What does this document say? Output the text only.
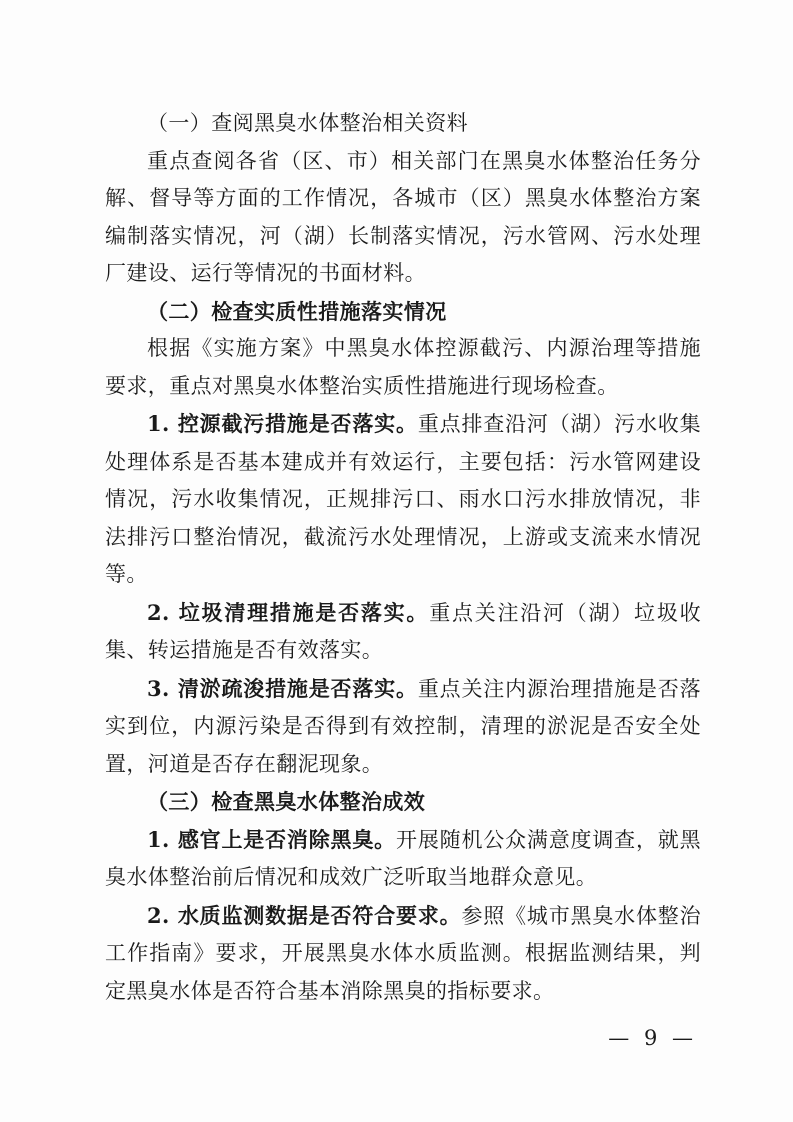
（一）查阅黑臭水体整治相关资料

重点查阅各省（区、市）相关部门在黑臭水体整治任务分解、督导等方面的工作情况，各城市（区）黑臭水体整治方案编制落实情况，河（湖）长制落实情况，污水管网、污水处理厂建设、运行等情况的书面材料。

（二）检查实质性措施落实情况

根据《实施方案》中黑臭水体控源截污、内源治理等措施要求，重点对黑臭水体整治实质性措施进行现场检查。

1. 控源截污措施是否落实。重点排查沿河（湖）污水收集处理体系是否基本建成并有效运行，主要包括：污水管网建设情况，污水收集情况，正规排污口、雨水口污水排放情况，非法排污口整治情况，截流污水处理情况，上游或支流来水情况等。

2. 垃圾清理措施是否落实。重点关注沿河（湖）垃圾收集、转运措施是否有效落实。

3. 清淤疏浚措施是否落实。重点关注内源治理措施是否落实到位，内源污染是否得到有效控制，清理的淤泥是否安全处置，河道是否存在翻泥现象。

（三）检查黑臭水体整治成效

1. 感官上是否消除黑臭。开展随机公众满意度调查，就黑臭水体整治前后情况和成效广泛听取当地群众意见。

2. 水质监测数据是否符合要求。参照《城市黑臭水体整治工作指南》要求，开展黑臭水体水质监测。根据监测结果，判定黑臭水体是否符合基本消除黑臭的指标要求。

— 9 —
